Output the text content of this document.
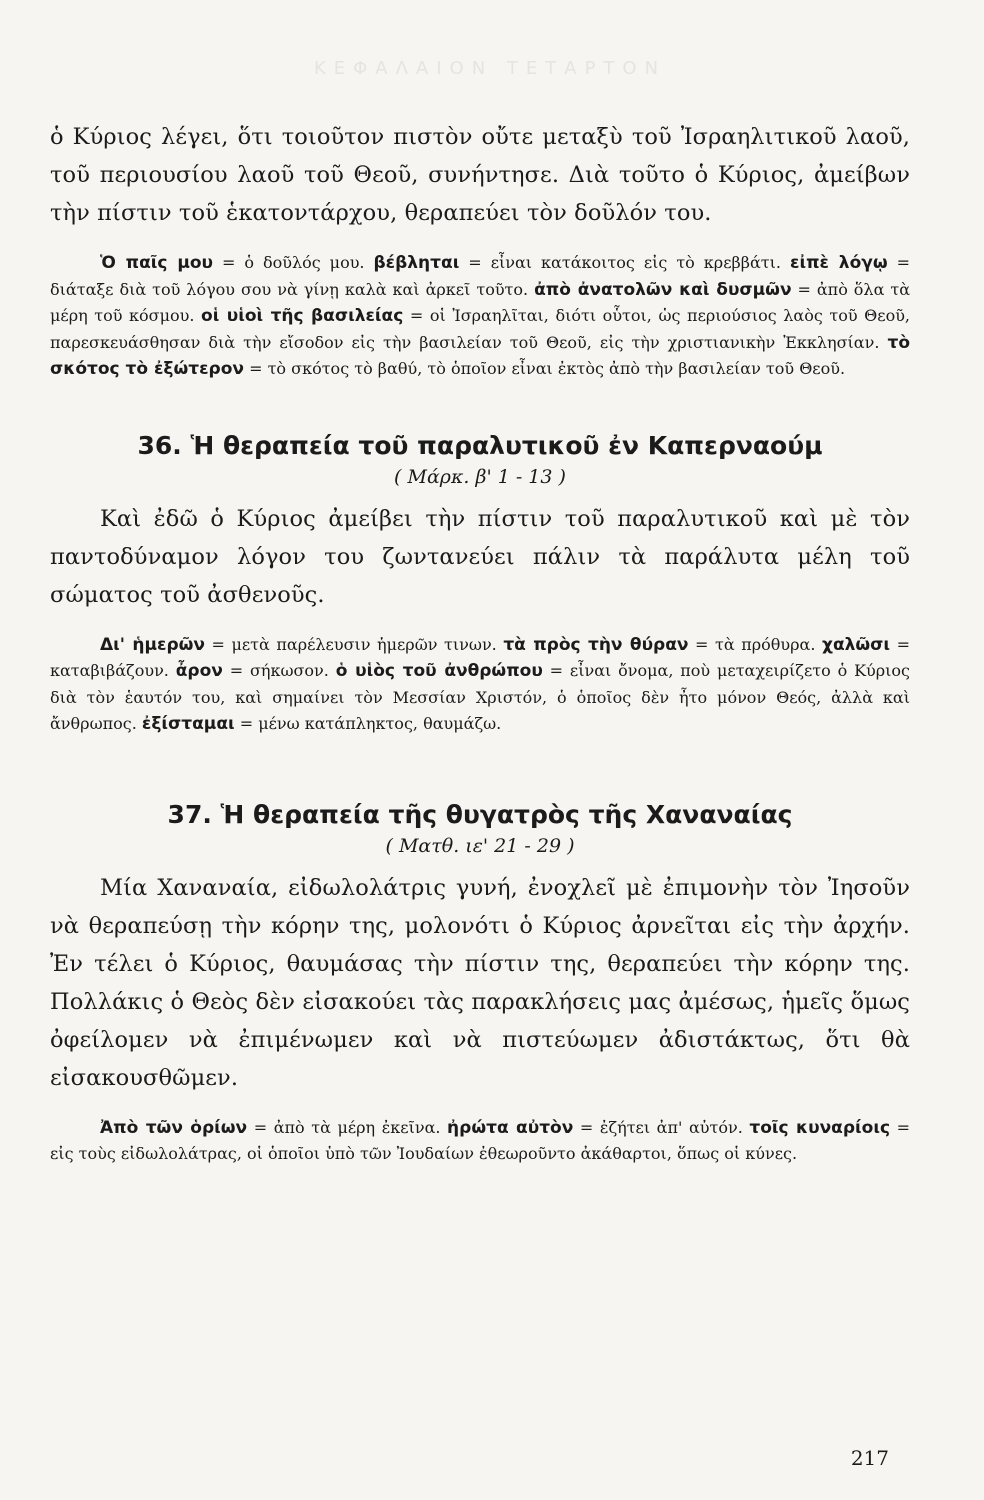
ΚΕΦΑΛΑΙΟΝ ΤΕΤΑΡΤΟΝ

ὁ Κύριος λέγει, ὅτι τοιοῦτον πιστὸν οὔτε μεταξὺ τοῦ Ἰσραηλιτικοῦ λαοῦ, τοῦ περιουσίου λαοῦ τοῦ Θεοῦ, συνήντησε. Διὰ τοῦτο ὁ Κύριος, ἀμείβων τὴν πίστιν τοῦ ἑκατοντάρχου, θεραπεύει τὸν δοῦλόν του.

Ὁ παῖς μου = ὁ δοῦλός μου. βέβληται = εἶναι κατάκοιτος εἰς τὸ κρεββάτι. εἰπὲ λόγῳ = διάταξε διὰ τοῦ λόγου σου νὰ γίνῃ καλὰ καὶ ἀρκεῖ τοῦτο. ἀπὸ ἀνατολῶν καὶ δυσμῶν = ἀπὸ ὅλα τὰ μέρη τοῦ κόσμου. οἱ υἱοὶ τῆς βασιλείας = οἱ Ἰσραηλῖται, διότι οὗτοι, ὡς περιούσιος λαὸς τοῦ Θεοῦ, παρεσκευάσθησαν διὰ τὴν εἴσοδον εἰς τὴν βασιλείαν τοῦ Θεοῦ, εἰς τὴν χριστιανικὴν Ἐκκλησίαν. τὸ σκότος τὸ ἐξώτερον = τὸ σκότος τὸ βαθύ, τὸ ὁποῖον εἶναι ἐκτὸς ἀπὸ τὴν βασιλείαν τοῦ Θεοῦ.

36. Ἡ θεραπεία τοῦ παραλυτικοῦ ἐν Καπερναούμ

( Μάρκ. β' 1 - 13 )

Καὶ ἐδῶ ὁ Κύριος ἀμείβει τὴν πίστιν τοῦ παραλυτικοῦ καὶ μὲ τὸν παντοδύναμον λόγον του ζωντανεύει πάλιν τὰ παράλυτα μέλη τοῦ σώματος τοῦ ἀσθενοῦς.

Δι' ἡμερῶν = μετὰ παρέλευσιν ἡμερῶν τινων. τὰ πρὸς τὴν θύραν = τὰ πρόθυρα. χαλῶσι = καταβιβάζουν. ἆρον = σήκωσον. ὁ υἱὸς τοῦ ἀνθρώπου = εἶναι ὄνομα, ποὺ μεταχειρίζετο ὁ Κύριος διὰ τὸν ἑαυτόν του, καὶ σημαίνει τὸν Μεσσίαν Χριστόν, ὁ ὁποῖος δὲν ἦτο μόνον Θεός, ἀλλὰ καὶ ἄνθρωπος. ἐξίσταμαι = μένω κατάπληκτος, θαυμάζω.

37. Ἡ θεραπεία τῆς θυγατρὸς τῆς Χαναναίας

( Ματθ. ιε' 21 - 29 )

Μία Χαναναία, εἰδωλολάτρις γυνή, ἐνοχλεῖ μὲ ἐπιμονὴν τὸν Ἰησοῦν νὰ θεραπεύσῃ τὴν κόρην της, μολονότι ὁ Κύριος ἀρνεῖται εἰς τὴν ἀρχήν. Ἐν τέλει ὁ Κύριος, θαυμάσας τὴν πίστιν της, θεραπεύει τὴν κόρην της. Πολλάκις ὁ Θεὸς δὲν εἰσακούει τὰς παρακλήσεις μας ἀμέσως, ἡμεῖς ὅμως ὀφείλομεν νὰ ἐπιμένωμεν καὶ νὰ πιστεύωμεν ἀδιστάκτως, ὅτι θὰ εἰσακουσθῶμεν.

Ἀπὸ τῶν ὁρίων = ἀπὸ τὰ μέρη ἐκεῖνα. ἠρώτα αὐτὸν = ἐζήτει ἀπ' αὐτόν. τοῖς κυναρίοις = εἰς τοὺς εἰδωλολάτρας, οἱ ὁποῖοι ὑπὸ τῶν Ἰουδαίων ἐθεωροῦντο ἀκάθαρτοι, ὅπως οἱ κύνες.

217
